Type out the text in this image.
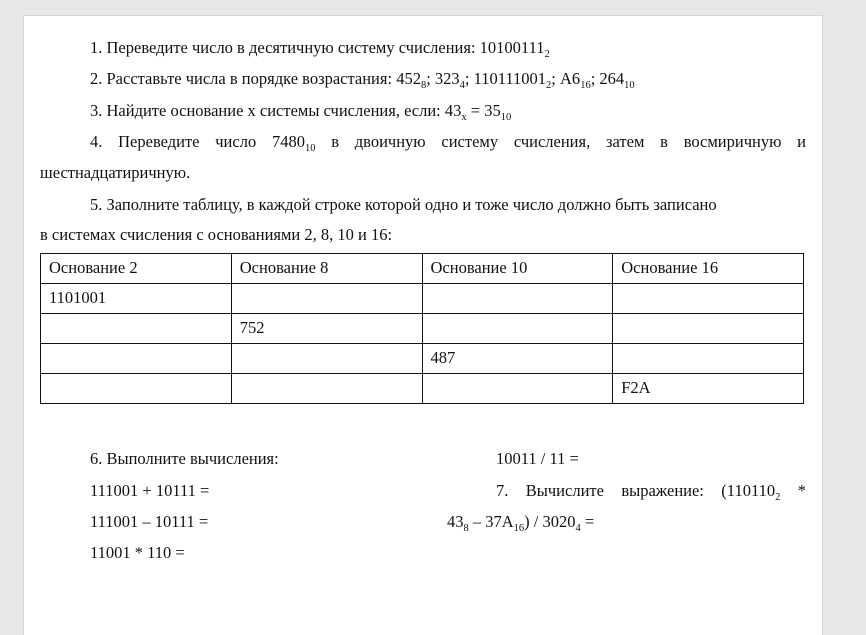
1. Переведите число в десятичную систему счисления: $10100111_2$
2. Расставьте числа в порядке возрастания: $452_8$; $323_4$; $110111001_2$; $A6_{16}$; $264_{10}$
3. Найдите основание x системы счисления, если: $43_x = 35_{10}$
4. Переведите число $7480_{10}$ в двоичную систему счисления, затем в восмиричную и
шестнадцатиричную.
5. Заполните таблицу, в каждой строке которой одно и тоже число должно быть записано
в системах счисления с основаниями 2, 8, 10 и 16:
Основание 2	Основание 8	Основание 10	Основание 16

1101001			

	752		

		487	

			F2A
6. Выполните вычисления:
111001 + 10111 =
111001 – 10111 =
11001 * 110 =
10011 / 11 =
7. Вычислите выражение: ($110110_2$ *
$43_8 - 37A_{16}) / 3020_4$ =
